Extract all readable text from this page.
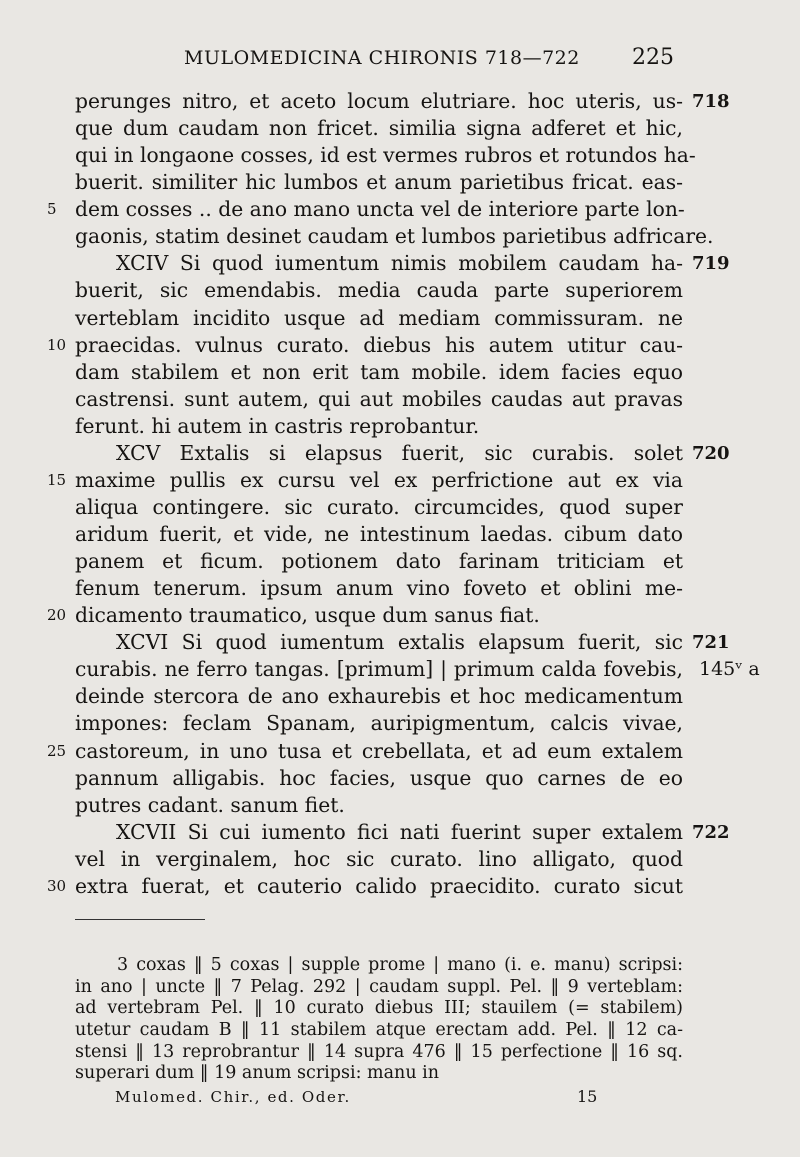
MULOMEDICINA CHIRONIS 718—722 225
perunges nitro, et aceto locum elutriare. hoc uteris, us- 718
que dum caudam non fricet. similia signa adferet et hic,
qui in longaone cosses, id est vermes rubros et rotundos ha-
buerit. similiter hic lumbos et anum parietibus fricat. eas-
5 dem cosses .. de ano mano uncta vel de interiore parte lon-
gaonis, statim desinet caudam et lumbos parietibus adfricare.
XCIV Si quod iumentum nimis mobilem caudam ha- 719
buerit, sic emendabis. media cauda parte superiorem
verteblam incidito usque ad mediam commissuram. ne
10 praecidas. vulnus curato. diebus his autem utitur cau-
dam stabilem et non erit tam mobile. idem facies equo
castrensi. sunt autem, qui aut mobiles caudas aut pravas
ferunt. hi autem in castris reprobantur.
XCV Extalis si elapsus fuerit, sic curabis. solet 720
15 maxime pullis ex cursu vel ex perfrictione aut ex via
aliqua contingere. sic curato. circumcides, quod super
aridum fuerit, et vide, ne intestinum laedas. cibum dato
panem et ficum. potionem dato farinam triticiam et
fenum tenerum. ipsum anum vino foveto et oblini me-
20 dicamento traumatico, usque dum sanus fiat.
XCVI Si quod iumentum extalis elapsum fuerit, sic 721
curabis. ne ferro tangas. [primum] | primum calda fovebis, 145ᵛ a
deinde stercora de ano exhaurebis et hoc medicamentum
impones: feclam Spanam, auripigmentum, calcis vivae,
25 castoreum, in uno tusa et crebellata, et ad eum extalem
pannum alligabis. hoc facies, usque quo carnes de eo
putres cadant. sanum fiet.
XCVII Si cui iumento fici nati fuerint super extalem 722
vel in verginalem, hoc sic curato. lino alligato, quod
30 extra fuerat, et cauterio calido praecidito. curato sicut
3 coxas ‖ 5 coxas | supple prome | mano (i. e. manu) scripsi:
in ano | uncte ‖ 7 Pelag. 292 | caudam suppl. Pel. ‖ 9 verteblam:
ad vertebram Pel. ‖ 10 curato diebus III; stauilem (= stabilem)
utetur caudam B ‖ 11 stabilem atque erectam add. Pel. ‖ 12 ca-
stensi ‖ 13 reprobrantur ‖ 14 supra 476 ‖ 15 perfectione ‖ 16 sq.
superari dum ‖ 19 anum scripsi: manu in
Mulomed. Chir., ed. Oder.	15
